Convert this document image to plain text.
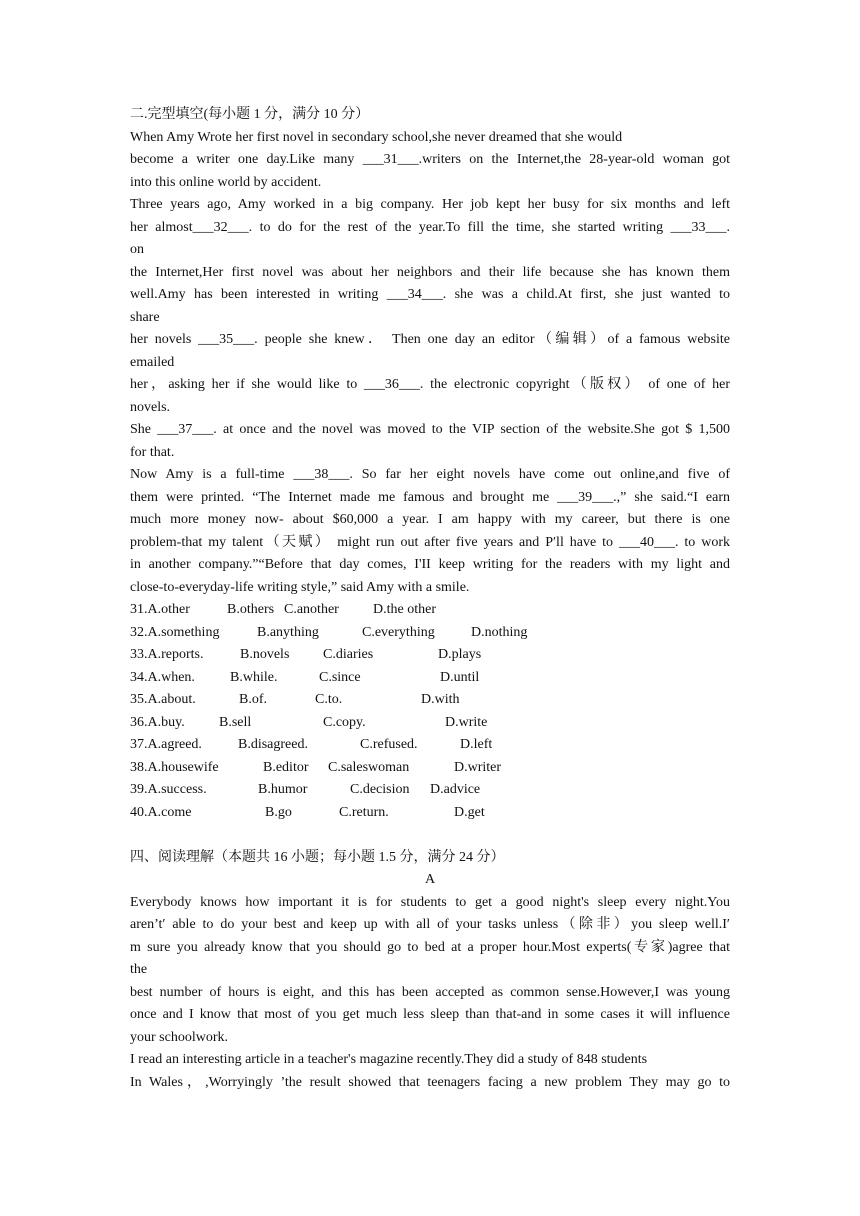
二.完型填空(每小题 1 分，满分 10 分）
When Amy Wrote her first novel in secondary school,she never dreamed that she would
become a writer one day.Like many ___31___.writers on the Internet,the 28-year-old woman got
into this online world by accident.
Three years ago, Amy worked in a big company. Her job kept her busy for six months and left
her almost___32___. to do for the rest of the year.To fill the time, she started writing ___33___.
on
the Internet,Her first novel was about her neighbors and their life because she has known them
well.Amy has been interested in writing ___34___. she was a child.At first, she just wanted to
share
her novels ___35___. people she knew． Then one day an editor（编辑）of a famous website
emailed
her，asking her if she would like to ___36___. the electronic copyright（版权） of one of her
novels.
She ___37___. at once and the novel was moved to the VIP section of the website.She got $ 1,500
for that.
Now Amy is a full-time ___38___. So far her eight novels have come out online,and five of
them were printed. “The Internet made me famous and brought me ___39___.,” she said.“I earn
much more money now- about $60,000 a year. I am happy with my career, but there is one
problem-that my talent（天赋） might run out after five years and P′ll have to ___40___. to work
in another company.”“Before that day comes, I'II keep writing for the readers with my light and
close-to-everyday-life writing style,” said Amy with a smile.
31.A.other	B.others C.another	D.the other
32.A.something	B.anything	C.everything	D.nothing
33.A.reports.	B.novels	C.diaries	D.plays
34.A.when.	B.while.	C.since	D.until
35.A.about.	B.of.	C.to.	D.with
36.A.buy.	B.sell	C.copy.	D.write
37.A.agreed.	B.disagreed.	C.refused.	D.left
38.A.housewife	B.editor	C.saleswoman	D.writer
39.A.success.	B.humor	C.decision	D.advice
40.A.come	B.go	C.return.	D.get
四、阅读理解（本题共 16 小题；每小题 1.5 分，满分 24 分）
A
Everybody knows how important it is for students to get a good night's sleep every night.You
aren’t′ able to do your best and keep up with all of your tasks unless（除非）you sleep well.I′
m sure you already know that you should go to bed at a proper hour.Most experts(专家)agree that
the
best number of hours is eight, and this has been accepted as common sense.However,I was young
once and I know that most of you get much less sleep than that-and in some cases it will influence
your schoolwork.
I read an interesting article in a teacher's magazine recently.They did a study of 848 students
In Wales，,Worryingly ’the result showed that teenagers facing a new problem They may go to
